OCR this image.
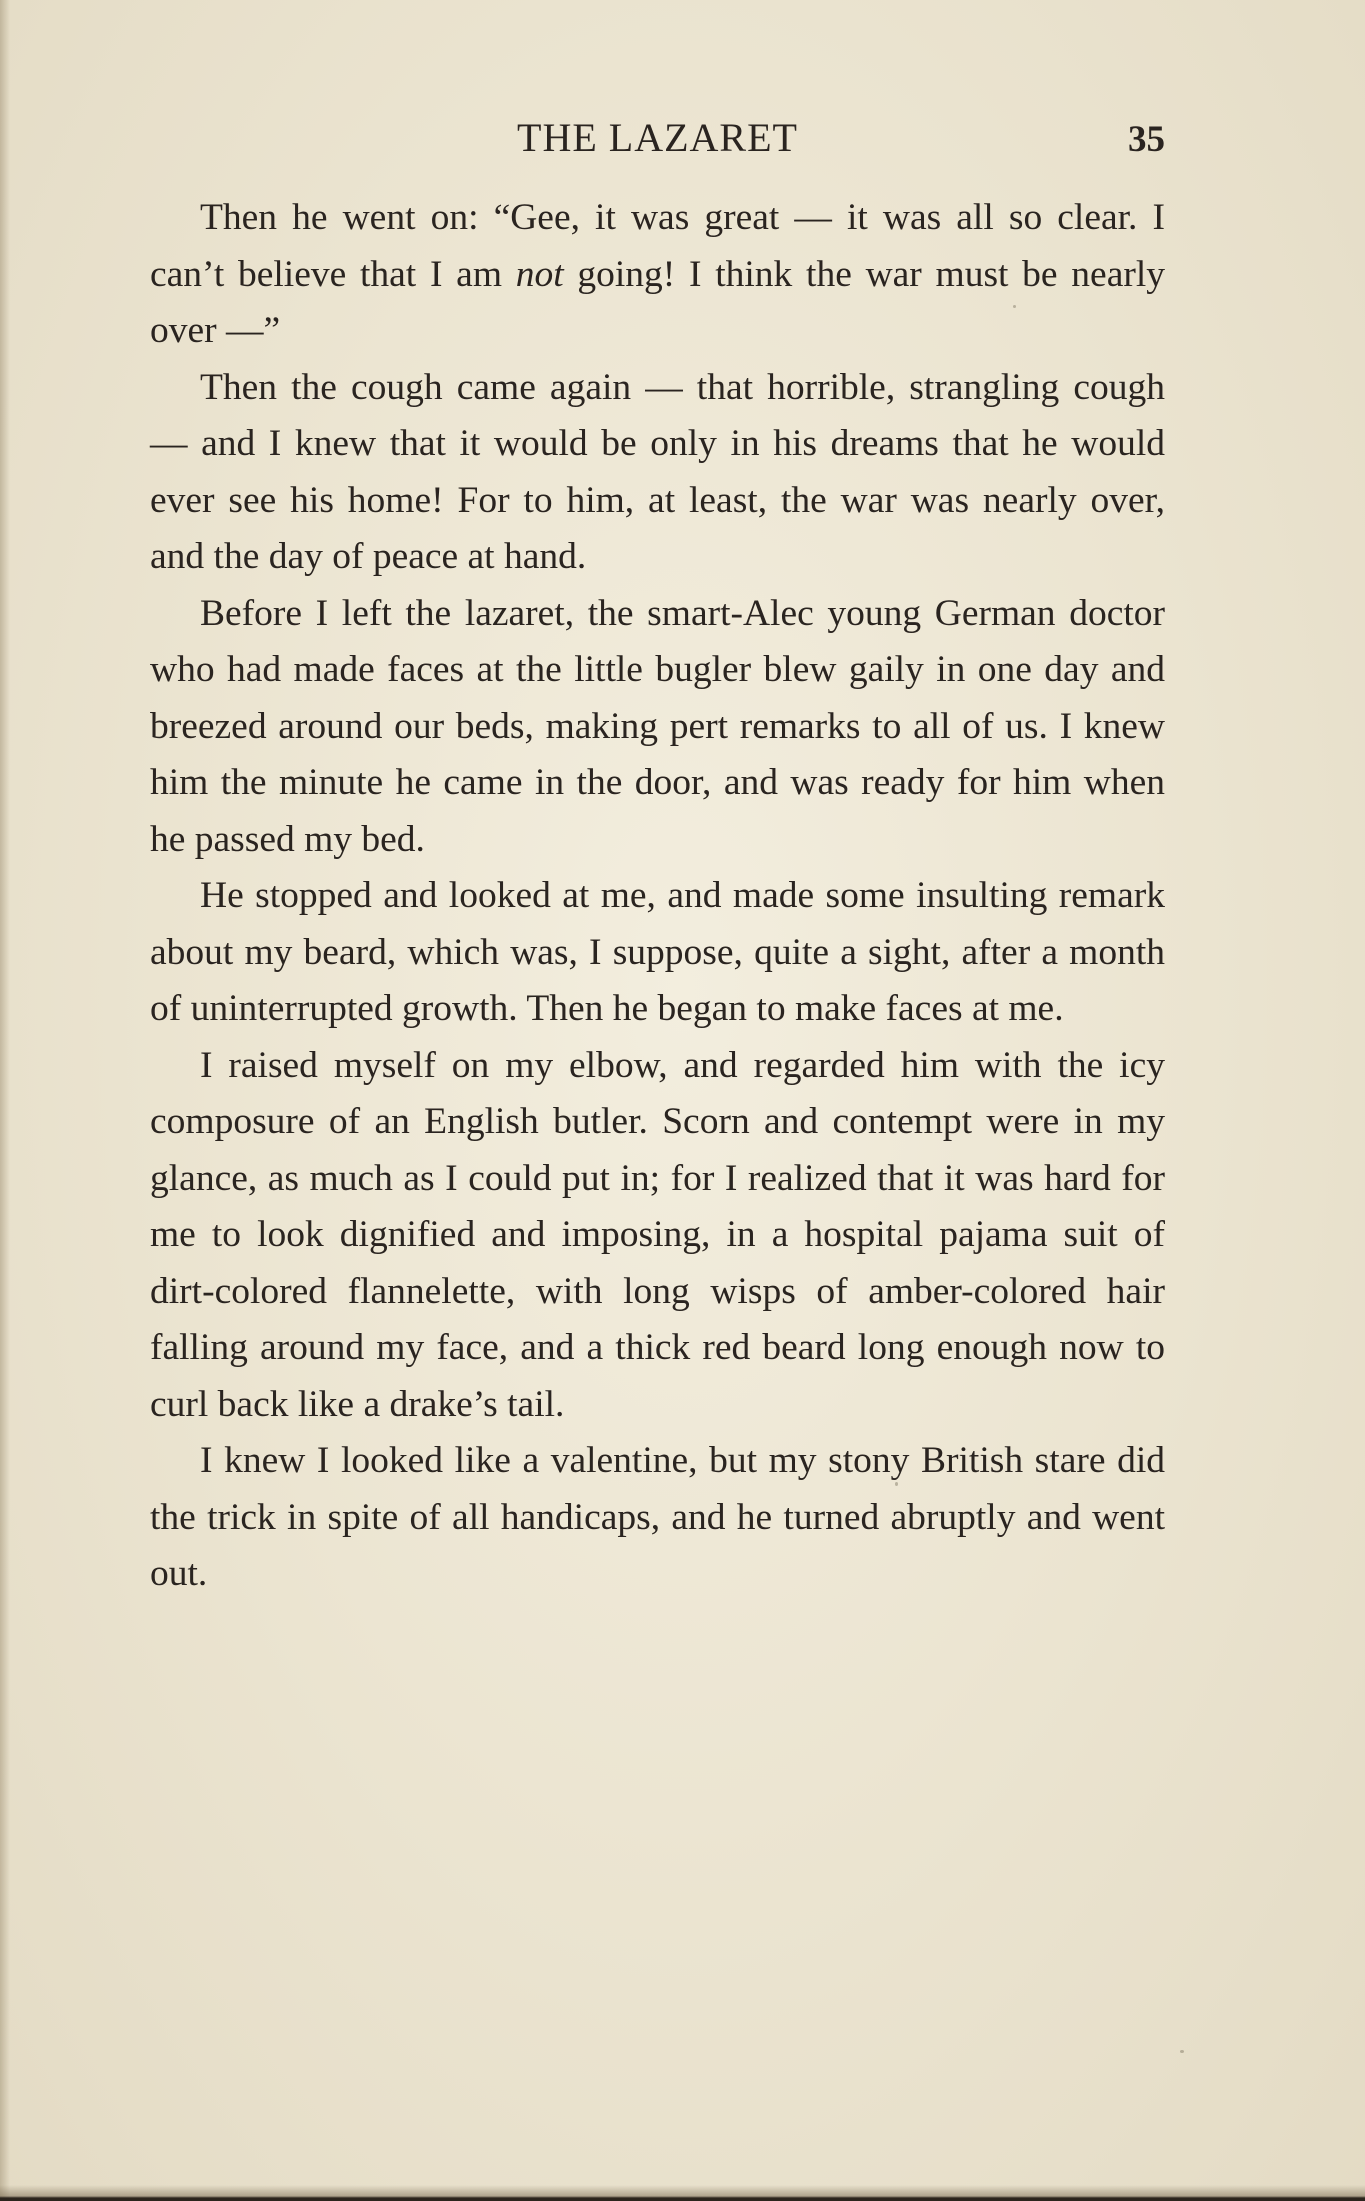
THE LAZARET	35

Then he went on: “Gee, it was great — it was all so clear. I can’t believe that I am not going! I think the war must be nearly over —”

Then the cough came again — that horrible, strangling cough — and I knew that it would be only in his dreams that he would ever see his home! For to him, at least, the war was nearly over, and the day of peace at hand.

Before I left the lazaret, the smart-Alec young German doctor who had made faces at the little bugler blew gaily in one day and breezed around our beds, making pert remarks to all of us. I knew him the minute he came in the door, and was ready for him when he passed my bed.

He stopped and looked at me, and made some insulting remark about my beard, which was, I suppose, quite a sight, after a month of uninterrupted growth. Then he began to make faces at me.

I raised myself on my elbow, and regarded him with the icy composure of an English butler. Scorn and contempt were in my glance, as much as I could put in; for I realized that it was hard for me to look dignified and imposing, in a hospital pajama suit of dirt-colored flannelette, with long wisps of amber-colored hair falling around my face, and a thick red beard long enough now to curl back like a drake’s tail.

I knew I looked like a valentine, but my stony British stare did the trick in spite of all handicaps, and he turned abruptly and went out.
